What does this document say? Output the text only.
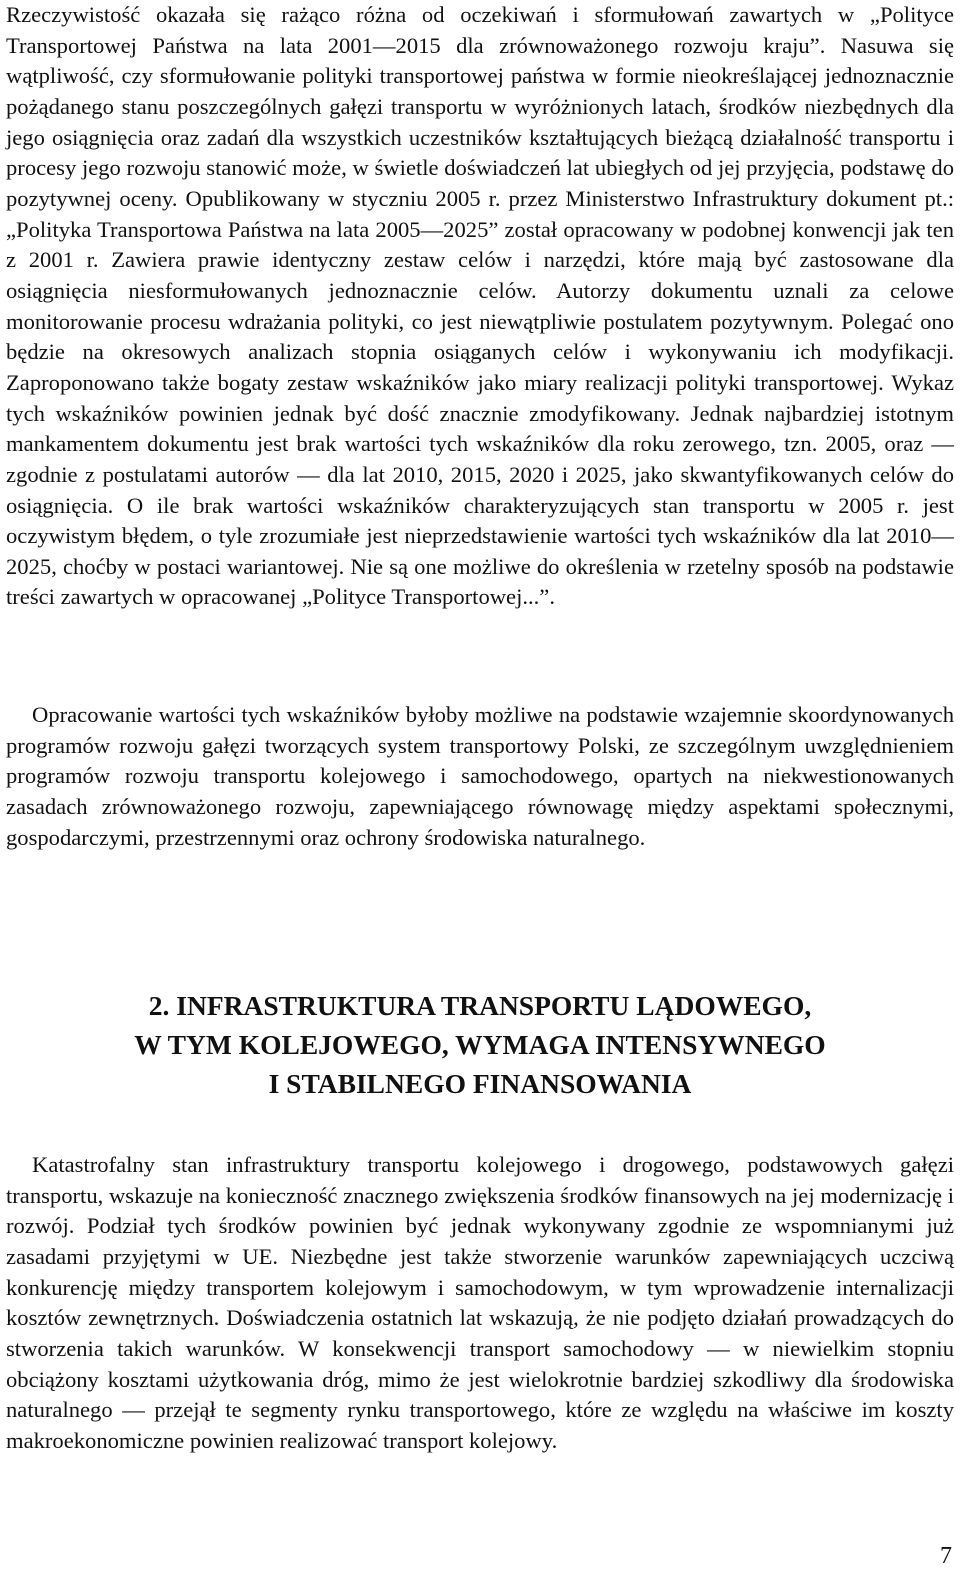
Rzeczywistość okazała się rażąco różna od oczekiwań i sformułowań zawartych w „Polityce Transportowej Państwa na lata 2001—2015 dla zrównoważonego rozwoju kraju”. Nasuwa się wątpliwość, czy sformułowanie polityki transportowej państwa w formie nieokreślającej jednoznacznie pożądanego stanu poszczególnych gałęzi transportu w wyróżnionych latach, środków niezbędnych dla jego osiągnięcia oraz zadań dla wszystkich uczestników kształtujących bieżącą działalność transportu i procesy jego rozwoju stanowić może, w świetle doświadczeń lat ubiegłych od jej przyjęcia, podstawę do pozytywnej oceny. Opublikowany w styczniu 2005 r. przez Ministerstwo Infrastruktury dokument pt.: „Polityka Transportowa Państwa na lata 2005—2025” został opracowany w podobnej konwencji jak ten z 2001 r. Zawiera prawie identyczny zestaw celów i narzędzi, które mają być zastosowane dla osiągnięcia niesformułowanych jednoznacznie celów. Autorzy dokumentu uznali za celowe monitorowanie procesu wdrażania polityki, co jest niewątpliwie postulatem pozytywnym. Polegać ono będzie na okresowych analizach stopnia osiąganych celów i wykonywaniu ich modyfikacji. Zaproponowano także bogaty zestaw wskaźników jako miary realizacji polityki transportowej. Wykaz tych wskaźników powinien jednak być dość znacznie zmodyfikowany. Jednak najbardziej istotnym mankamentem dokumentu jest brak wartości tych wskaźników dla roku zerowego, tzn. 2005, oraz — zgodnie z postulatami autorów — dla lat 2010, 2015, 2020 i 2025, jako skwantyfikowanych celów do osiągnięcia. O ile brak wartości wskaźników charakteryzujących stan transportu w 2005 r. jest oczywistym błędem, o tyle zrozumiałe jest nieprzedstawienie wartości tych wskaźników dla lat 2010—2025, choćby w postaci wariantowej. Nie są one możliwe do określenia w rzetelny sposób na podstawie treści zawartych w opracowanej „Polityce Transportowej...”.

Opracowanie wartości tych wskaźników byłoby możliwe na podstawie wzajemnie skoordynowanych programów rozwoju gałęzi tworzących system transportowy Polski, ze szczególnym uwzględnieniem programów rozwoju transportu kolejowego i samochodowego, opartych na niekwestionowanych zasadach zrównoważonego rozwoju, zapewniającego równowagę między aspektami społecznymi, gospodarczymi, przestrzennymi oraz ochrony środowiska naturalnego.

2. INFRASTRUKTURA TRANSPORTU LĄDOWEGO,
W TYM KOLEJOWEGO, WYMAGA INTENSYWNEGO
I STABILNEGO FINANSOWANIA

Katastrofalny stan infrastruktury transportu kolejowego i drogowego, podstawowych gałęzi transportu, wskazuje na konieczność znacznego zwiększenia środków finansowych na jej modernizację i rozwój. Podział tych środków powinien być jednak wykonywany zgodnie ze wspomnianymi już zasadami przyjętymi w UE. Niezbędne jest także stworzenie warunków zapewniających uczciwą konkurencję między transportem kolejowym i samochodowym, w tym wprowadzenie internalizacji kosztów zewnętrznych. Doświadczenia ostatnich lat wskazują, że nie podjęto działań prowadzących do stworzenia takich warunków. W konsekwencji transport samochodowy — w niewielkim stopniu obciążony kosztami użytkowania dróg, mimo że jest wielokrotnie bardziej szkodliwy dla środowiska naturalnego — przejął te segmenty rynku transportowego, które ze względu na właściwe im koszty makroekonomiczne powinien realizować transport kolejowy.

7
